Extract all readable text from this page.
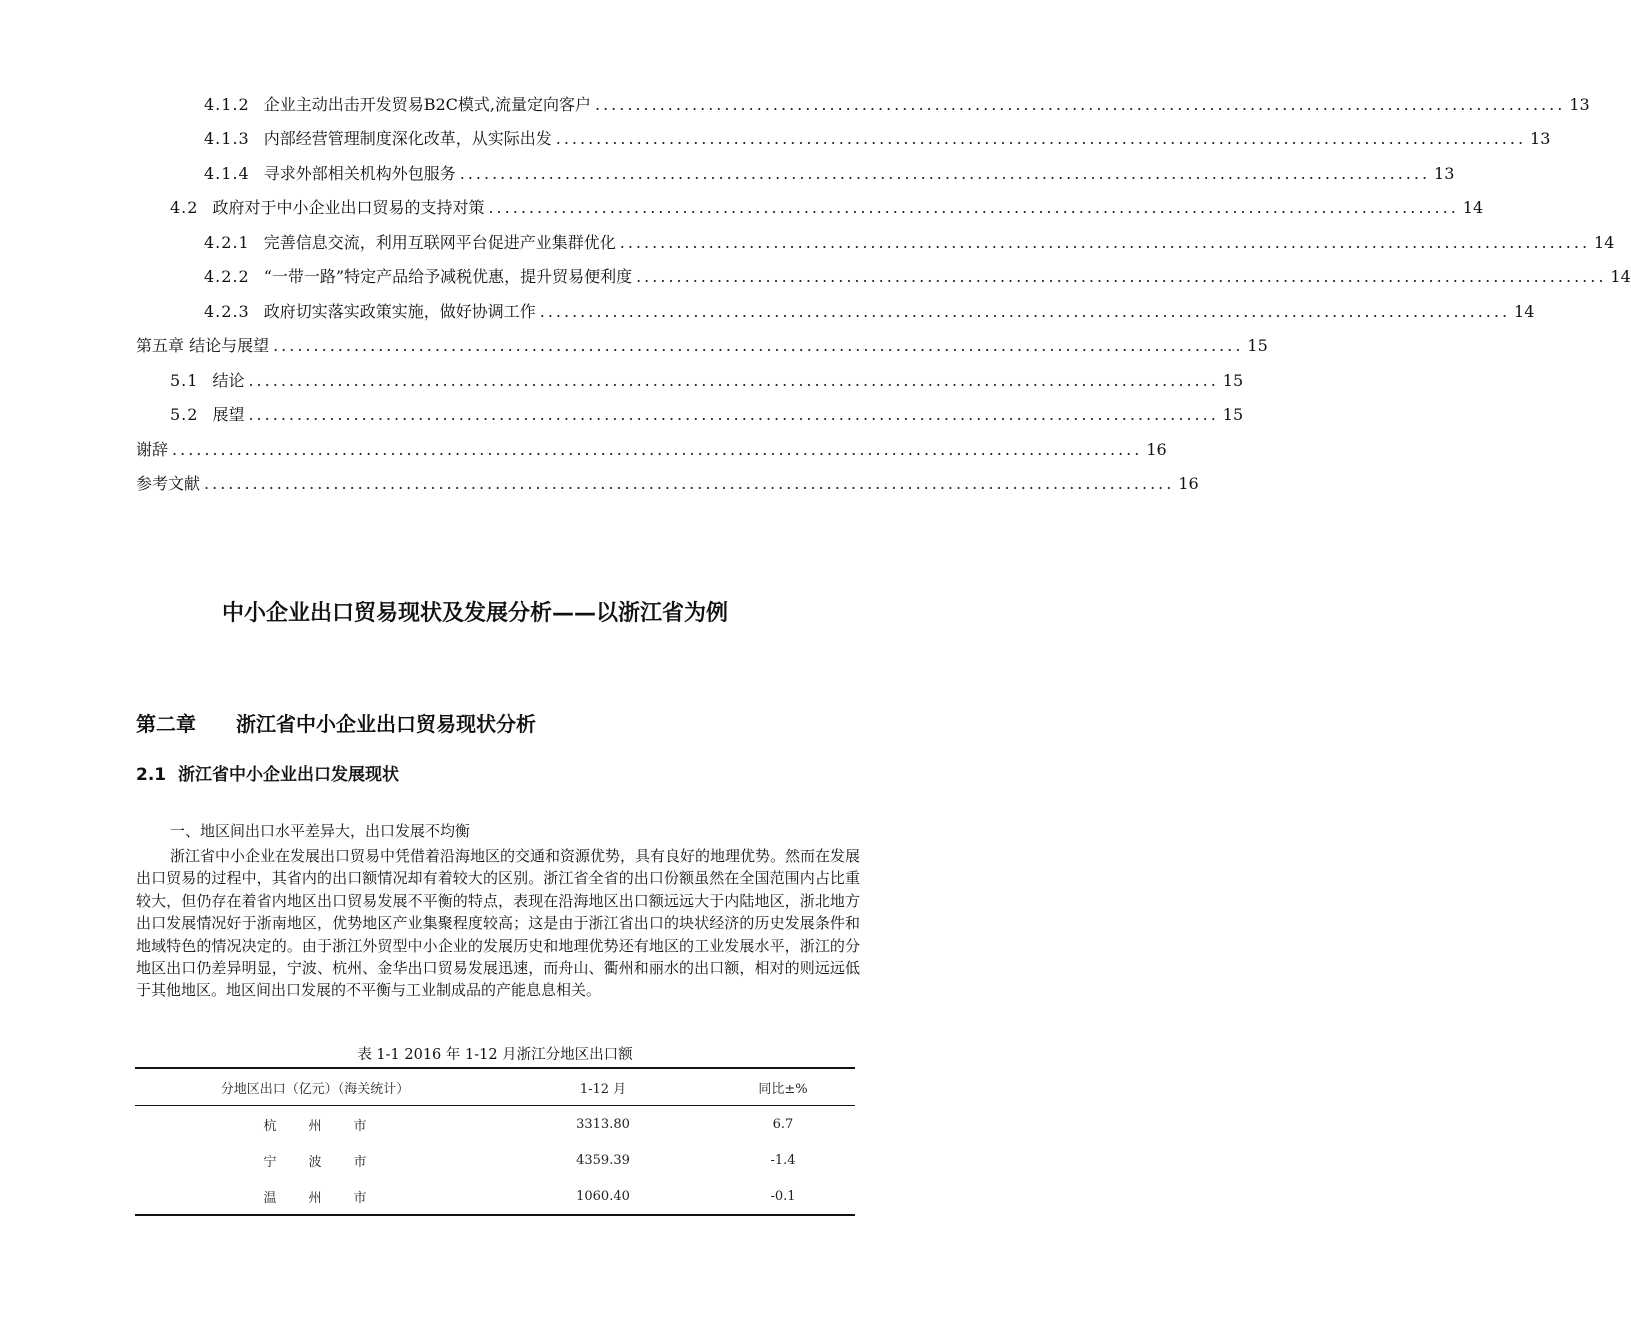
4.1.2 企业主动出击开发贸易B2C模式,流量定向客户 ........................................................................................................................ 13
4.1.3 内部经营管理制度深化改革，从实际出发 ........................................................................................................................ 13
4.1.4 寻求外部相关机构外包服务 ........................................................................................................................ 13
4.2 政府对于中小企业出口贸易的支持对策 ........................................................................................................................ 14
4.2.1 完善信息交流，利用互联网平台促进产业集群优化 ........................................................................................................................ 14
4.2.2 “一带一路”特定产品给予减税优惠，提升贸易便利度 ........................................................................................................................ 14
4.2.3 政府切实落实政策实施，做好协调工作 ........................................................................................................................ 14
第五章 结论与展望 ........................................................................................................................ 15
5.1 结论 ........................................................................................................................ 15
5.2 展望 ........................................................................................................................ 15
谢辞 ........................................................................................................................ 16
参考文献 ........................................................................................................................ 16
中小企业出口贸易现状及发展分析——以浙江省为例
第二章 浙江省中小企业出口贸易现状分析
2.1 浙江省中小企业出口发展现状
一、地区间出口水平差异大，出口发展不均衡

浙江省中小企业在发展出口贸易中凭借着沿海地区的交通和资源优势，具有良好的地理优势。然而在发展出口贸易的过程中，其省内的出口额情况却有着较大的区别。浙江省全省的出口份额虽然在全国范围内占比重较大，但仍存在着省内地区出口贸易发展不平衡的特点，表现在沿海地区出口额远远大于内陆地区，浙北地方出口发展情况好于浙南地区，优势地区产业集聚程度较高；这是由于浙江省出口的块状经济的历史发展条件和地域特色的情况决定的。由于浙江外贸型中小企业的发展历史和地理优势还有地区的工业发展水平，浙江的分地区出口仍差异明显，宁波、杭州、金华出口贸易发展迅速，而舟山、衢州和丽水的出口额，相对的则远远低于其他地区。地区间出口发展的不平衡与工业制成品的产能息息相关。

表 1-1 2016 年 1-12 月浙江分地区出口额
分地区出口（亿元）（海关统计）	1-12 月	同比±%
杭州市	3313.80	6.7
宁波市	4359.39	-1.4
温州市	1060.40	-0.1
